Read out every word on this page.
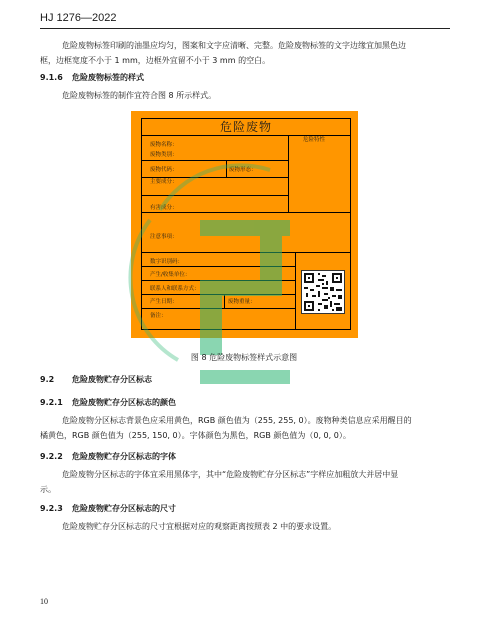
HJ 1276—2022
危险废物标签印刷的油墨应均匀，图案和文字应清晰、完整。危险废物标签的文字边缘宜加黑色边
框，边框宽度不小于 1 mm，边框外宜留不小于 3 mm 的空白。
9.1.6 危险废物标签的样式
危险废物标签的制作宜符合图 8 所示样式。
危险废物
废物名称：
危险特性
废物类别：
废物代码：	废物形态：
主要成分：
有害成分：
注意事项：
数字识别码：
产生/收集单位：
联系人和联系方式：
产生日期：	废物重量：
备注：
图 8 危险废物标签样式示意图
9.2 危险废物贮存分区标志
9.2.1 危险废物贮存分区标志的颜色
危险废物分区标志背景色应采用黄色，RGB 颜色值为（255, 255, 0）。废物种类信息应采用醒目的
橘黄色，RGB 颜色值为（255, 150, 0）。字体颜色为黑色，RGB 颜色值为（0, 0, 0）。
9.2.2 危险废物贮存分区标志的字体
危险废物分区标志的字体宜采用黑体字，其中“危险废物贮存分区标志”字样应加粗放大并居中显
示。
9.2.3 危险废物贮存分区标志的尺寸
危险废物贮存分区标志的尺寸宜根据对应的观察距离按照表 2 中的要求设置。
10
